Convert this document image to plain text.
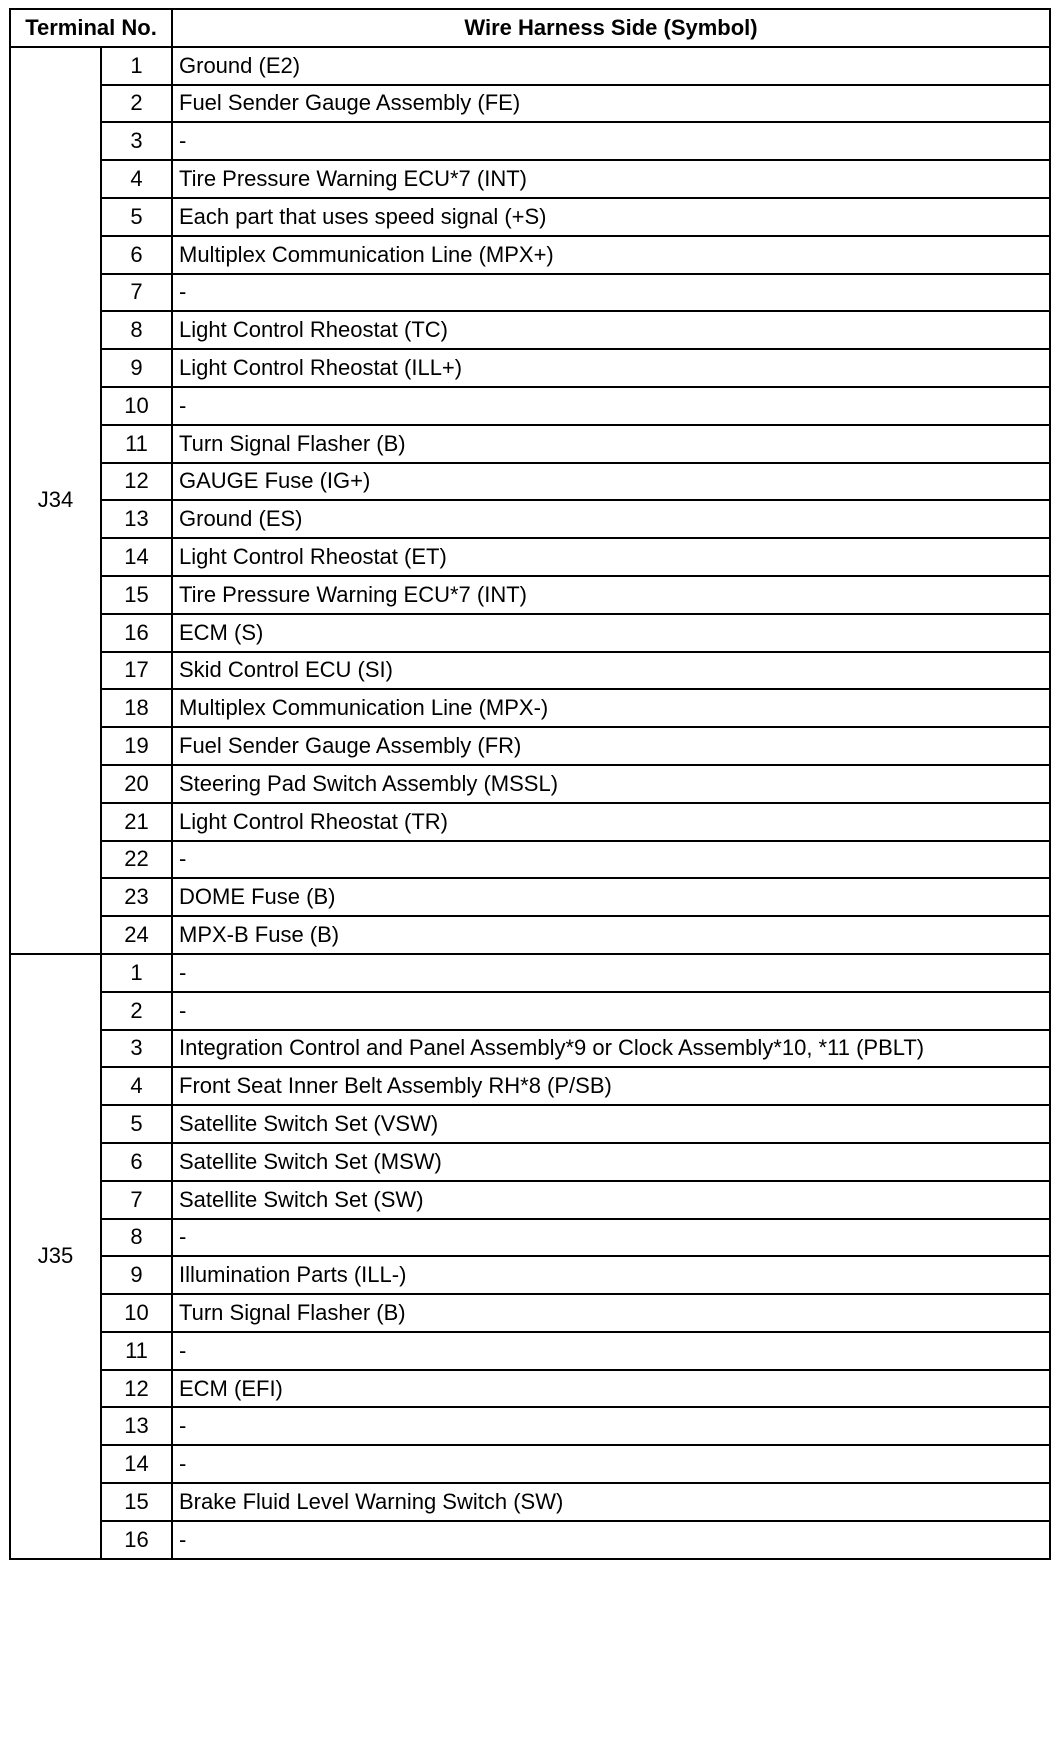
Terminal No.		Wire Harness Side (Symbol)
J34	1	Ground (E2)
	2	Fuel Sender Gauge Assembly (FE)
	3	-
	4	Tire Pressure Warning ECU*7 (INT)
	5	Each part that uses speed signal (+S)
	6	Multiplex Communication Line (MPX+)
	7	-
	8	Light Control Rheostat (TC)
	9	Light Control Rheostat (ILL+)
	10	-
	11	Turn Signal Flasher (B)
	12	GAUGE Fuse (IG+)
	13	Ground (ES)
	14	Light Control Rheostat (ET)
	15	Tire Pressure Warning ECU*7 (INT)
	16	ECM (S)
	17	Skid Control ECU (SI)
	18	Multiplex Communication Line (MPX-)
	19	Fuel Sender Gauge Assembly (FR)
	20	Steering Pad Switch Assembly (MSSL)
	21	Light Control Rheostat (TR)
	22	-
	23	DOME Fuse (B)
	24	MPX-B Fuse (B)
J35	1	-
	2	-
	3	Integration Control and Panel Assembly*9 or Clock Assembly*10, *11 (PBLT)
	4	Front Seat Inner Belt Assembly RH*8 (P/SB)
	5	Satellite Switch Set (VSW)
	6	Satellite Switch Set (MSW)
	7	Satellite Switch Set (SW)
	8	-
	9	Illumination Parts (ILL-)
	10	Turn Signal Flasher (B)
	11	-
	12	ECM (EFI)
	13	-
	14	-
	15	Brake Fluid Level Warning Switch (SW)
	16	-
